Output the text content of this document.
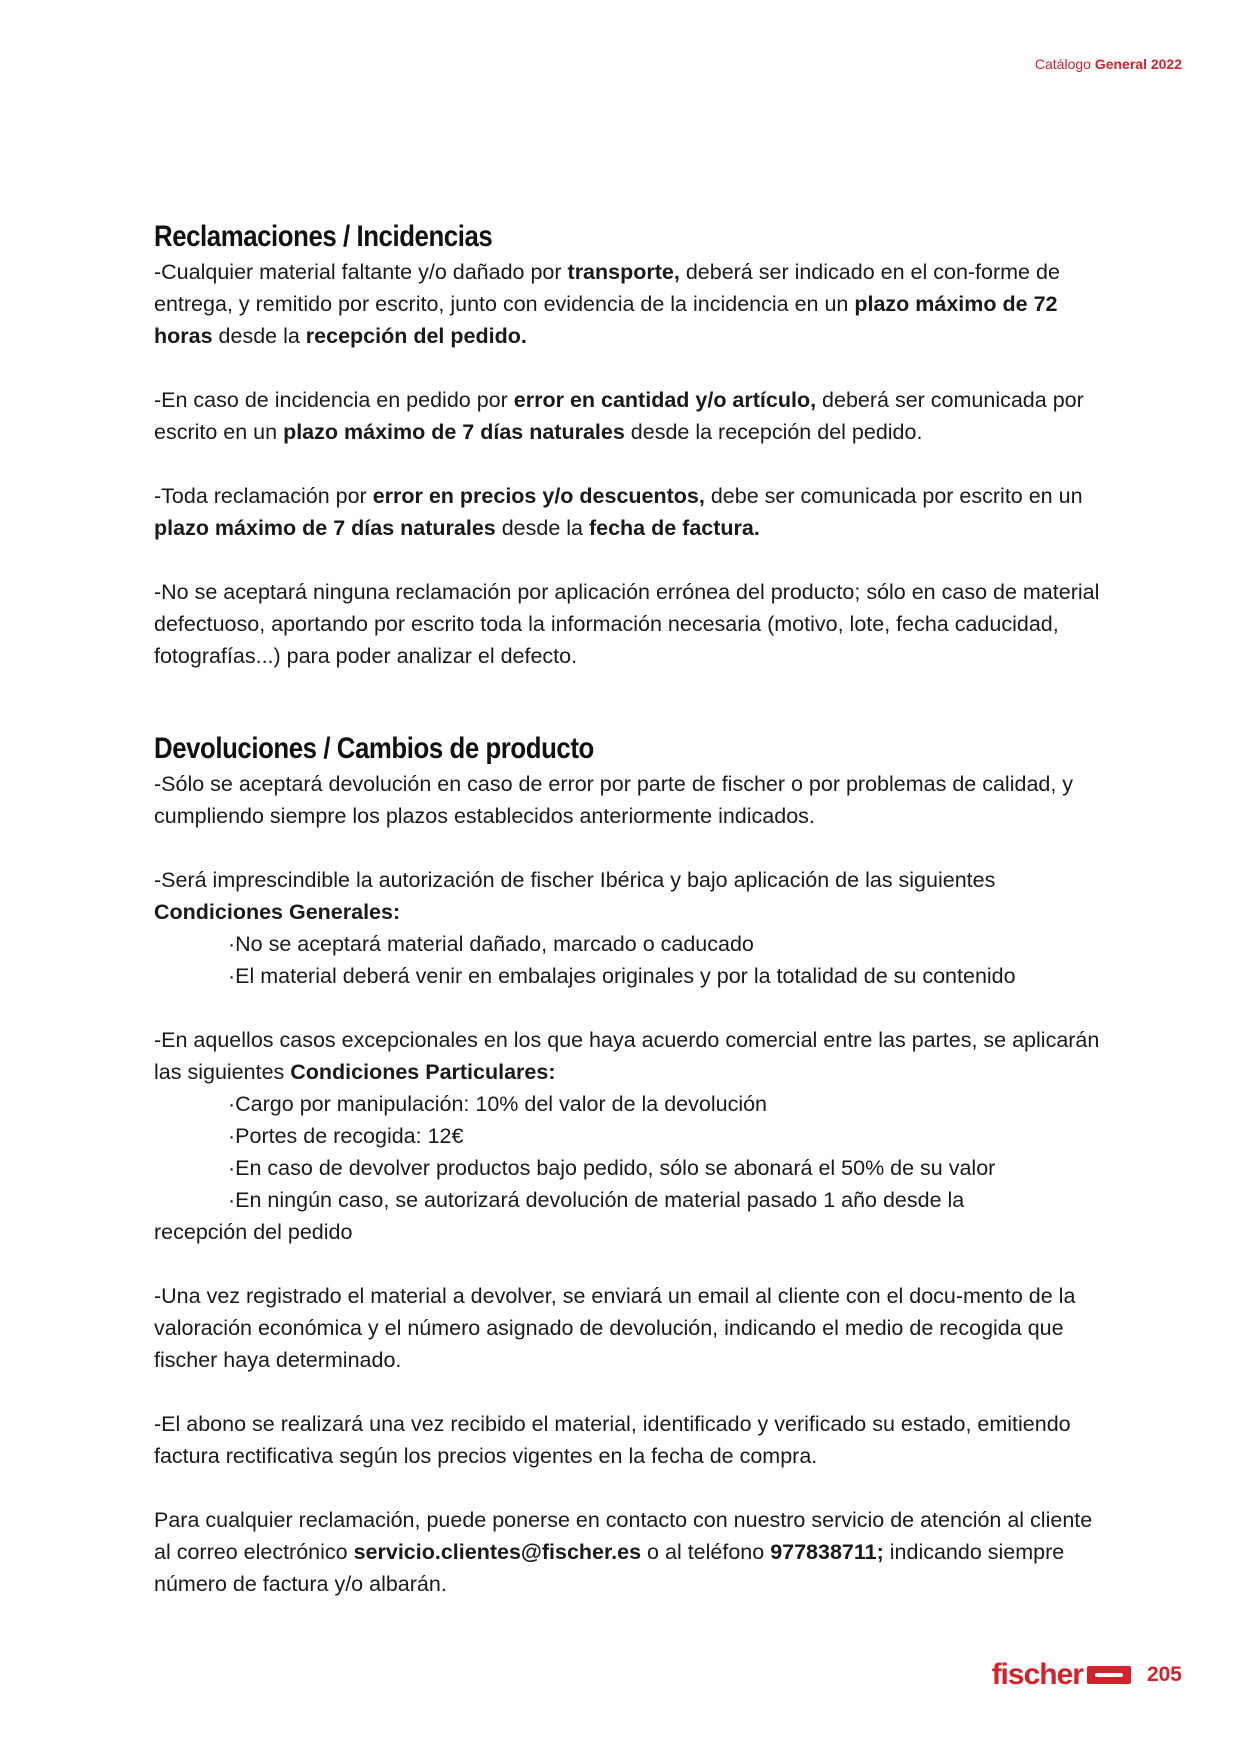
Catálogo General 2022
Reclamaciones / Incidencias

-Cualquier material faltante y/o dañado por transporte, deberá ser indicado en el con-forme de entrega, y remitido por escrito, junto con evidencia de la incidencia en un plazo máximo de 72 horas desde la recepción del pedido.

-En caso de incidencia en pedido por error en cantidad y/o artículo, deberá ser comunicada por escrito en un plazo máximo de 7 días naturales desde la recepción del pedido.

-Toda reclamación por error en precios y/o descuentos, debe ser comunicada por escrito en un plazo máximo de 7 días naturales desde la fecha de factura.

-No se aceptará ninguna reclamación por aplicación errónea del producto; sólo en caso de material defectuoso, aportando por escrito toda la información necesaria (motivo, lote, fecha caducidad, fotografías...) para poder analizar el defecto.

Devoluciones / Cambios de producto

-Sólo se aceptará devolución en caso de error por parte de fischer o por problemas de calidad, y cumpliendo siempre los plazos establecidos anteriormente indicados.

-Será imprescindible la autorización de fischer Ibérica y bajo aplicación de las siguientes Condiciones Generales:

·No se aceptará material dañado, marcado o caducado

·El material deberá venir en embalajes originales y por la totalidad de su contenido

-En aquellos casos excepcionales en los que haya acuerdo comercial entre las partes, se aplicarán las siguientes Condiciones Particulares:

·Cargo por manipulación: 10% del valor de la devolución

·Portes de recogida: 12€

·En caso de devolver productos bajo pedido, sólo se abonará el 50% de su valor

·En ningún caso, se autorizará devolución de material pasado 1 año desde la

recepción del pedido

-Una vez registrado el material a devolver, se enviará un email al cliente con el docu-mento de la valoración económica y el número asignado de devolución, indicando el medio de recogida que fischer haya determinado.

-El abono se realizará una vez recibido el material, identificado y verificado su estado, emitiendo factura rectificativa según los precios vigentes en la fecha de compra.

Para cualquier reclamación, puede ponerse en contacto con nuestro servicio de atención al cliente al correo electrónico servicio.clientes@fischer.es o al teléfono 977838711; indicando siempre número de factura y/o albarán.

fischer	205
